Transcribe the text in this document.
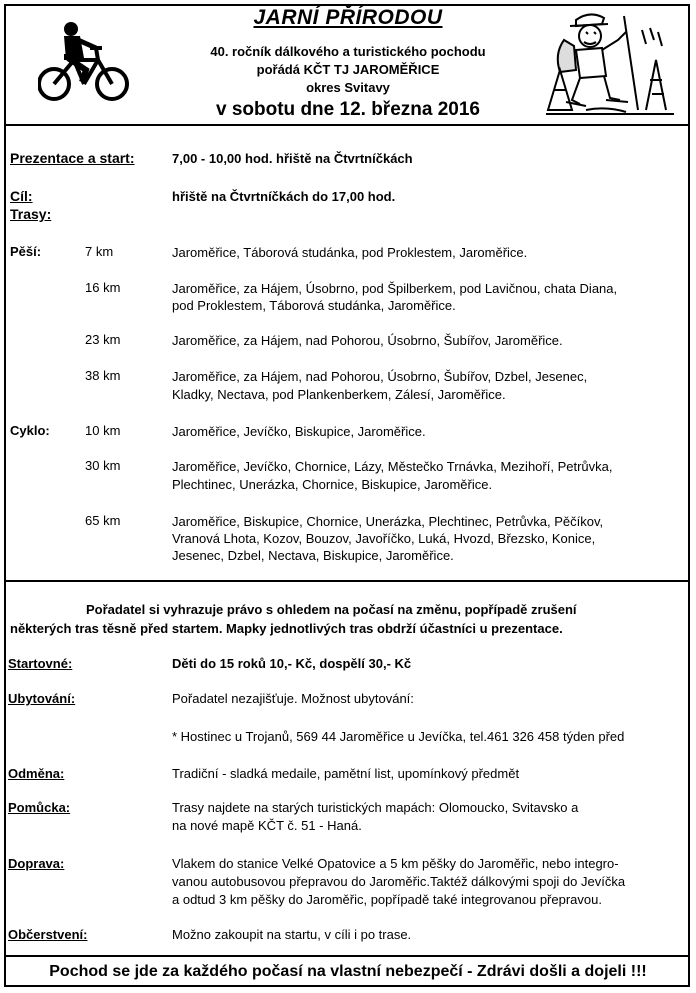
JARNÍ PŘÍRODOU
40. ročník dálkového a turistického pochodu
pořádá KČT TJ JAROMĚŘICE
okres Svitavy
v sobotu dne 12. března 2016
Prezentace a start:	7,00 - 10,00 hod. hřiště na Čtvrtníčkách
Cíl:	hřiště na Čtvrtníčkách do 17,00 hod.
Trasy:
Pěší:	7 km	Jaroměřice, Táborová studánka, pod Proklestem, Jaroměřice.
16 km	Jaroměřice, za Hájem, Úsobrno, pod Špilberkem, pod Lavičnou, chata Diana,
pod Proklestem, Táborová studánka, Jaroměřice.
23 km	Jaroměřice, za Hájem, nad Pohorou, Úsobrno, Šubířov, Jaroměřice.
38 km	Jaroměřice, za Hájem, nad Pohorou, Úsobrno, Šubířov, Dzbel, Jesenec,
Kladky, Nectava, pod Plankenberkem, Zálesí, Jaroměřice.
Cyklo:	10 km	Jaroměřice, Jevíčko, Biskupice, Jaroměřice.
30 km	Jaroměřice, Jevíčko, Chornice, Lázy, Městečko Trnávka, Mezihoří, Petrůvka,
Plechtinec, Unerázka, Chornice, Biskupice, Jaroměřice.
65 km	Jaroměřice, Biskupice, Chornice, Unerázka, Plechtinec, Petrůvka, Pěčíkov,
Vranová Lhota, Kozov, Bouzov, Javoříčko, Luká, Hvozd, Březsko, Konice,
Jesenec, Dzbel, Nectava, Biskupice, Jaroměřice.
Pořadatel si vyhrazuje právo s ohledem na počasí na změnu, popřípadě zrušení
některých tras těsně před startem. Mapky jednotlivých tras obdrží účastníci u prezentace.
Startovné:	Děti do 15 roků 10,- Kč, dospělí 30,- Kč
Ubytování:	Pořadatel nezajišťuje. Možnost ubytování:
* Hostinec u Trojanů, 569 44 Jaroměřice u Jevíčka, tel.461 326 458 týden před
Odměna:	Tradiční - sladká medaile, pamětní list, upomínkový předmět
Pomůcka:	Trasy najdete na starých turistických mapách: Olomoucko, Svitavsko a
na nové mapě KČT č. 51 - Haná.
Doprava:	Vlakem do stanice Velké Opatovice a 5 km pěšky do Jaroměřic, nebo integro-
vanou autobusovou přepravou do Jaroměřic.Taktéž dálkovými spoji do Jevíčka
a odtud 3 km pěšky do Jaroměřic, popřípadě také integrovanou přepravou.
Občerstvení:	Možno zakoupit na startu, v cíli i po trase.
Pochod se jde za každého počasí na vlastní nebezpečí - Zdrávi došli a dojeli !!!
